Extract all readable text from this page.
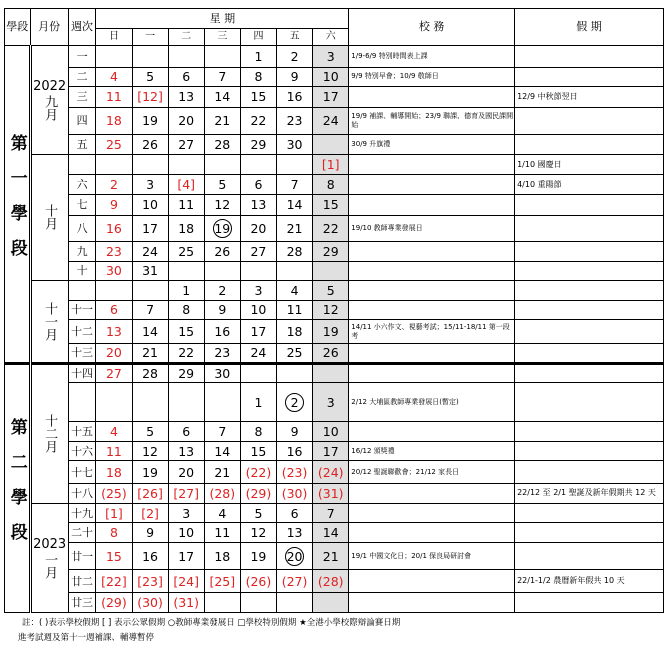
學段	月份	週次	星 期							校 務	假 期
			日	一	二	三	四	五	六		
第一學段	2022
九月	一					1	2	3	1/9-6/9 特別時間表上課	
		二	4	5	6	7	8	9	10	9/9 特別早會；10/9 敬師日	
		三	11	[12]	13	14	15	16	17		12/9 中秋節翌日
		四	18	19	20	21	22	23	24	19/9 補課、輔導開始；23/9 聯課、德育及國民課開始	
		五	25	26	27	28	29	30		30/9 升旗禮	

	十月								[1]		1/10 國慶日
		六	2	3	[4]	5	6	7	8		4/10 重陽節
		七	9	10	11	12	13	14	15		
		八	16	17	18	19	20	21	22	19/10 教師專業發展日	
		九	23	24	25	26	27	28	29		
		十	30	31							

	十一月				1	2	3	4	5		
		十一	6	7	8	9	10	11	12		
		十二	13	14	15	16	17	18	19	14/11 小六作文、視藝考試；15/11-18/11 第一段考	
		十三	20	21	22	23	24	25	26		
第二學段	十二月	十四	27	28	29	30					
							1	2	3	2/12 大埔區教師專業發展日(暫定)	
		十五	4	5	6	7	8	9	10		
		十六	11	12	13	14	15	16	17	16/12 頒獎禮	
		十七	18	19	20	21	(22)	(23)	(24)	20/12 聖誕聯歡會；21/12 家長日	
		十八	(25)	[26]	[27]	(28)	(29)	(30)	(31)		22/12 至 2/1 聖誕及新年假期共 12 天

	2023
一月	十九	[1]	[2]	3	4	5	6	7		
		二十	8	9	10	11	12	13	14		
		廿一	15	16	17	18	19	20	21	19/1 中國文化日；20/1 保良局研討會	
		廿二	[22]	[23]	[24]	[25]	(26)	(27)	(28)		22/1-1/2 農曆新年假共 10 天
		廿三	(29)	(30)	(31)						
註：( )表示學校假期 [ ] 表示公眾假期 ○教師專業發展日 □學校特別假期 ★全港小學校際辯論賽日期
進考試週及第十一週補課、輔導暫停
